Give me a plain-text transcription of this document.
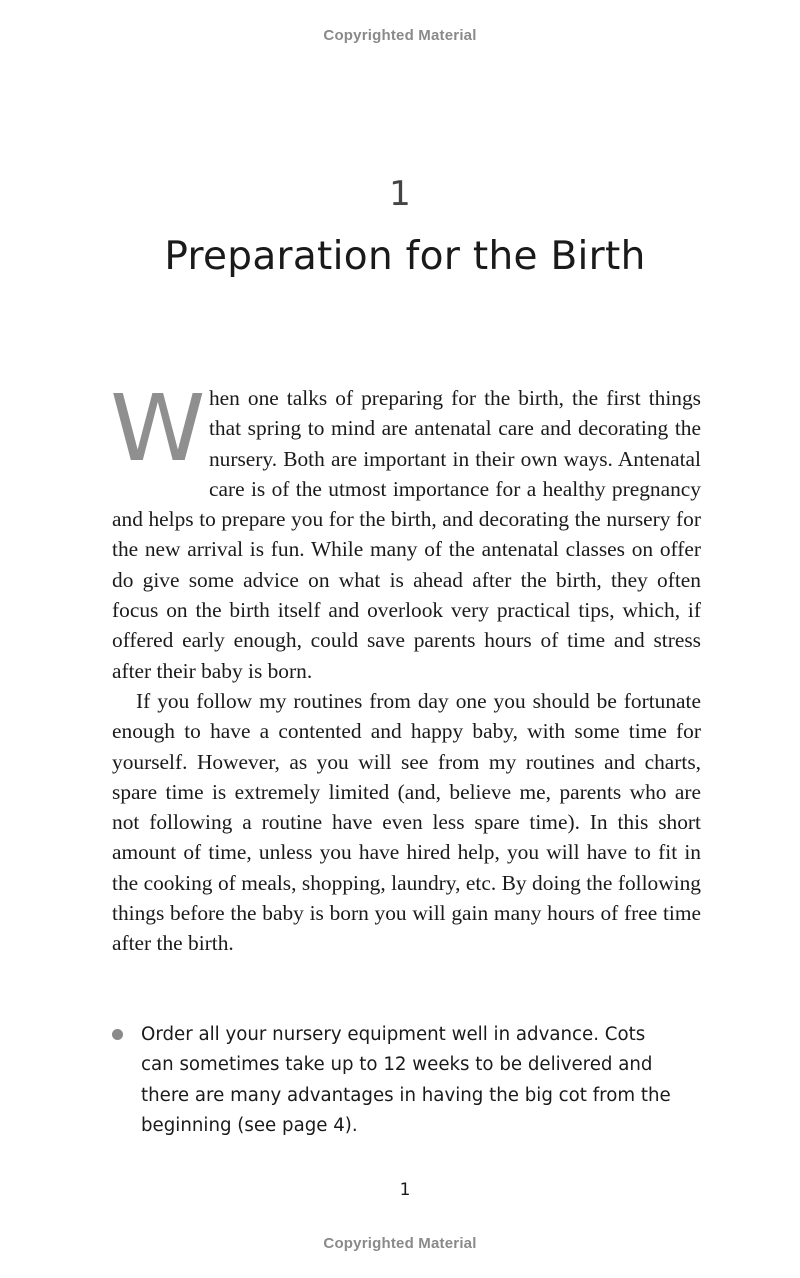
Copyrighted Material
1
Preparation for the Birth

When one talks of preparing for the birth, the first things that spring to mind are antenatal care and decorating the nursery. Both are important in their own ways. Antenatal care is of the utmost importance for a healthy pregnancy and helps to prepare you for the birth, and decorating the nursery for the new arrival is fun. While many of the antenatal classes on offer do give some advice on what is ahead after the birth, they often focus on the birth itself and overlook very practical tips, which, if offered early enough, could save parents hours of time and stress after their baby is born.

If you follow my routines from day one you should be fortunate enough to have a contented and happy baby, with some time for yourself. However, as you will see from my routines and charts, spare time is extremely limited (and, believe me, parents who are not following a routine have even less spare time). In this short amount of time, unless you have hired help, you will have to fit in the cooking of meals, shopping, laundry, etc. By doing the following things before the baby is born you will gain many hours of free time after the birth.

Order all your nursery equipment well in advance. Cots can sometimes take up to 12 weeks to be delivered and there are many advantages in having the big cot from the beginning (see page 4).
1
Copyrighted Material
